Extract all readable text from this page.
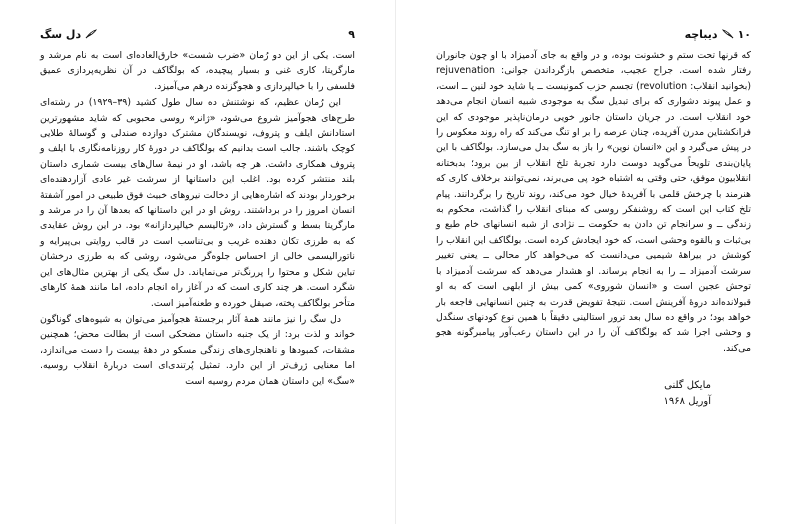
دل سگ	۹

است. یکی از این دو رُمان «ضرب شست» خارق‌العاده‌ای است به نام مرشد و مارگریتا، کاری غنی و بسیار پیچیده، که بولگاکف در آن نظریه‌پردازی عمیق فلسفی را با خیالپردازی و هجوگزنده درهم می‌آمیزد.

این رُمان عظیم، که نوشتنش ده سال طول کشید (۳۹–۱۹۲۹) در رشته‌ای طرح‌های هجوآمیز شروع می‌شود، «ژانر» روسی محبوبی که شاید مشهورترین استادانش ایلف و پتروف، نویسندگان مشترک دوازده صندلی و گوسالهٔ طلایی کوچک باشند. جالب است بدانیم که بولگاکف در دورهٔ کار روزنامه‌نگاری با ایلف و پتروف همکاری داشت. هر چه باشد، او در نیمهٔ سال‌های بیست شماری داستان بلند منتشر کرده بود. اغلب این داستانها از سرشت غیر عادی آزاردهنده‌ای برخوردار بودند که اشاره‌هایی از دخالت نیروهای خبیث فوق طبیعی در امور آشفتهٔ انسان امروز را در برداشتند. روش او در این داستانها که بعدها آن را در مرشد و مارگریتا بسط و گسترش داد، «رئالیسم خیالپردازانه» بود. در این روش عقایدی که به طرزی تکان دهنده غریب و بی‌تناسب است در قالب روایتی بی‌پیرایه و ناتورالیسمی خالی از احساس جلوه‌گر می‌شود، روشی که به طرزی درخشان تباین شکل و محتوا را پررنگ‌تر می‌نمایاند. دل سگ یکی از بهترین مثال‌های این شگرد است. هر چند کاری است که در آغاز راه انجام داده، اما مانند همهٔ کارهای متأخر بولگاکف پخته، صیقل خورده و طعنه‌آمیز است.

دل سگ را نیز مانند همهٔ آثار برجستهٔ هجوآمیز می‌توان به شیوه‌های گوناگون خواند و لذت برد: از یک جنبه داستان مضحکی است از بطالت محض؛ همچنین مشقات، کمبودها و ناهنجاری‌های زندگی مسکو در دههٔ بیست را دست می‌اندازد، اما معنایی ژرف‌تر از این دارد. تمثیل پُرتندی‌ای است دربارهٔ انقلاب روسیه. «سگ» این داستان همان مردم روسیه است

۱۰
دیباچه

که قرنها تحت ستم و خشونت بوده، و در واقع به جای آدمیزاد با او چون جانوران رفتار شده است. جراح عجیب، متخصص بازگرداندن جوانی: rejuvenation (بخوانید انقلاب: revolution) تجسم حزب کمونیست ــ یا شاید خود لنین ــ است، و عمل پیوند دشواری که برای تبدیل سگ به موجودی شبیه انسان انجام می‌دهد خود انقلاب است. در جریان داستان جانور خویی درمان‌ناپذیر موجودی که این فرانکشتاین مدرن آفریده، چنان عرصه را بر او تنگ می‌کند که راه روند معکوس را در پیش می‌گیرد و این «انسان نوین» را باز به سگ بدل می‌سازد. بولگاکف با این پایان‌بندی تلویحاً می‌گوید دوست دارد تجربهٔ تلخ انقلاب از بین برود؛ بدبختانه انقلابیون موفق، حتی وقتی به اشتباه خود پی می‌برند، نمی‌توانند برخلاف کاری که هنرمند با چرخش قلمی با آفریدهٔ خیال خود می‌کند، روند تاریخ را برگردانند. پیام تلخ کتاب این است که روشنفکر روسی که مبنای انقلاب را گذاشت، محکوم به زندگی ــ و سرانجام تن دادن به حکومت ــ نژادی از شبه انسانهای خام طبع و بی‌ثبات و بالقوه وحشی است، که خود ایجادش کرده است. بولگاکف این انقلاب را کوشش در بیراههٔ شیمیی می‌دانست که می‌خواهد کار محالی ــ یعنی تغییر سرشت آدمیزاد ــ را به انجام برساند. او هشدار می‌دهد که سرشت آدمیزاد با توحش عجین است و «انسان شوروی» کمی بیش از ابلهی است که به او قبولانده‌اند دروهٔ آفرینش است. نتیجهٔ تفویض قدرت به چنین انسانهایی فاجعه بار خواهد بود؛ در واقع ده سال بعد ترور استالینی دقیقاً با همین نوع کودنهای سنگدل و وحشی اجرا شد که بولگاکف آن را در این داستان رعب‌آور پیامبرگونه هجو می‌کند.

مایکل گلنی
آوریل ۱۹۶۸
